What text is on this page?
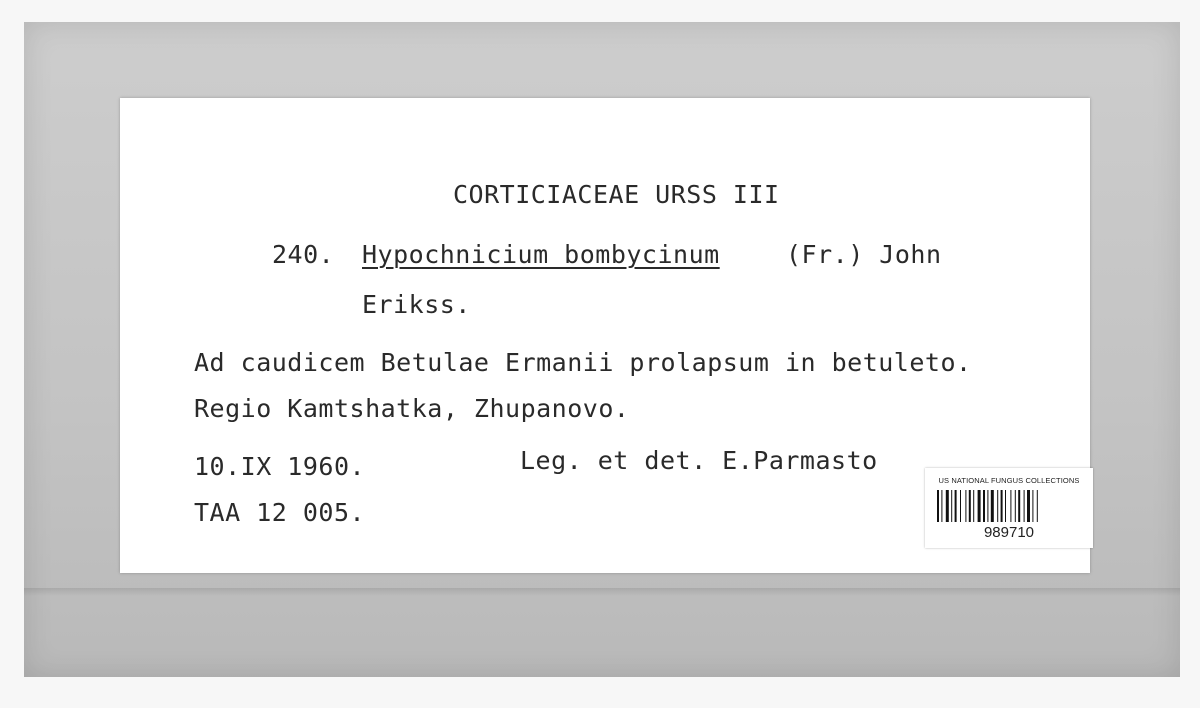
CORTICIACEAE URSS III
240. Hypochnicium bombycinum	(Fr.) John
Erikss.
Ad caudicem Betulae Ermanii prolapsum in betuleto.
Regio Kamtshatka, Zhupanovo.
10.IX 1960.	Leg. et det. E.Parmasto
TAA 12 005.
US NATIONAL FUNGUS COLLECTIONS
989710
